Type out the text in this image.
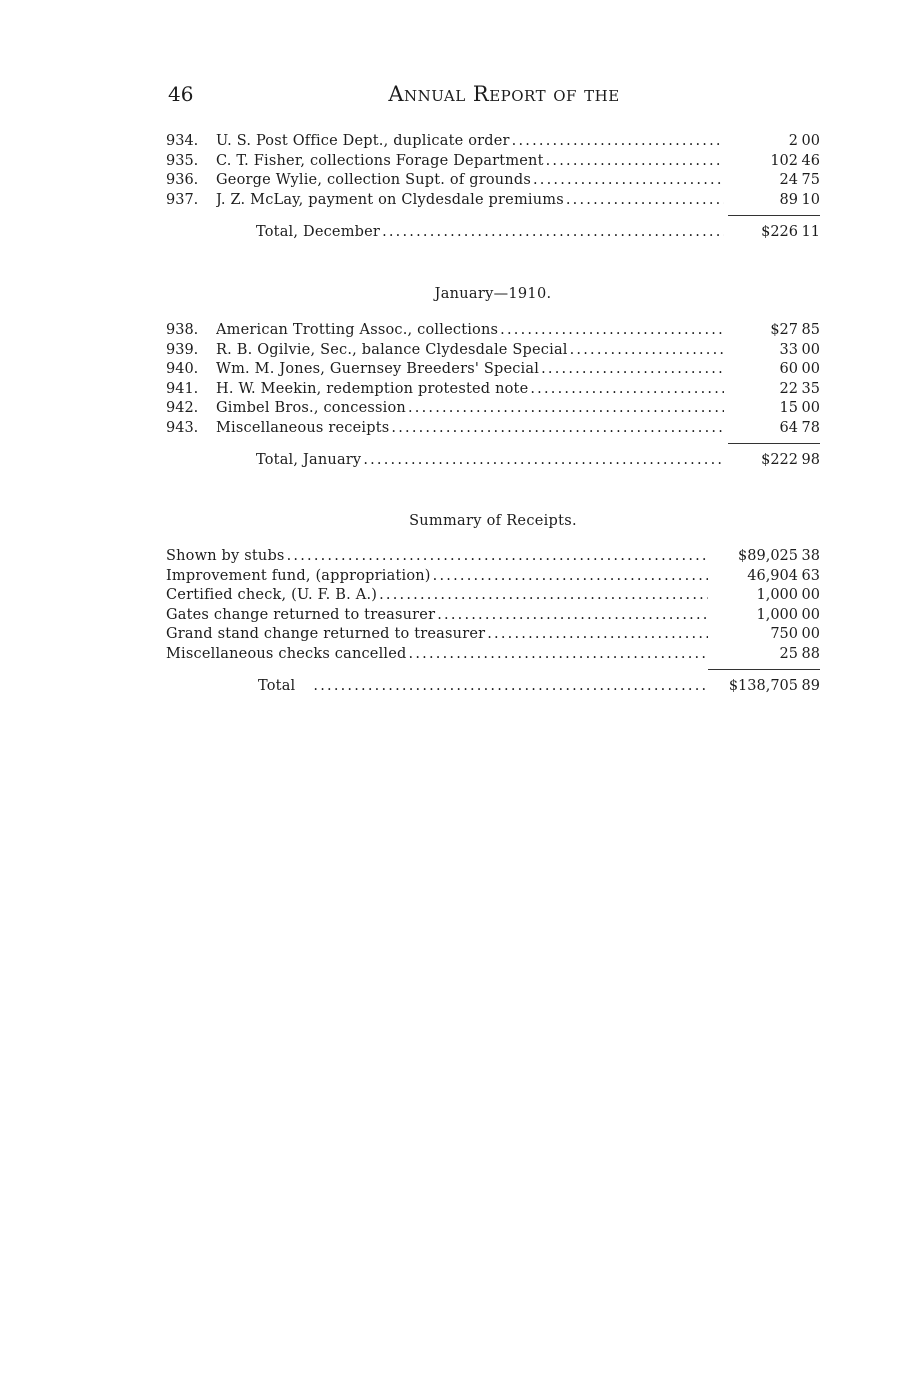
46	Annual Report of the
934.	U. S. Post Office Dept., duplicate order .....	2 00
935.	C. T. Fisher, collections Forage Department .....	102 46
936.	George Wylie, collection Supt. of grounds .....	24 75
937.	J. Z. McLay, payment on Clydesdale premiums .....	89 10
Total, December .....	$226 11
January—1910.
938.	American Trotting Assoc., collections .....	$27 85
939.	R. B. Ogilvie, Sec., balance Clydesdale Special .....	33 00
940.	Wm. M. Jones, Guernsey Breeders' Special .....	60 00
941.	H. W. Meekin, redemption protested note .....	22 35
942.	Gimbel Bros., concession .....	15 00
943.	Miscellaneous receipts .....	64 78
Total, January .....	$222 98
Summary of Receipts.
Shown by stubs .....	$89,025 38
Improvement fund, (appropriation) .....	46,904 63
Certified check, (U. F. B. A.) .....	1,000 00
Gates change returned to treasurer .....	1,000 00
Grand stand change returned to treasurer .....	750 00
Miscellaneous checks cancelled .....	25 88
Total .....	$138,705 89
